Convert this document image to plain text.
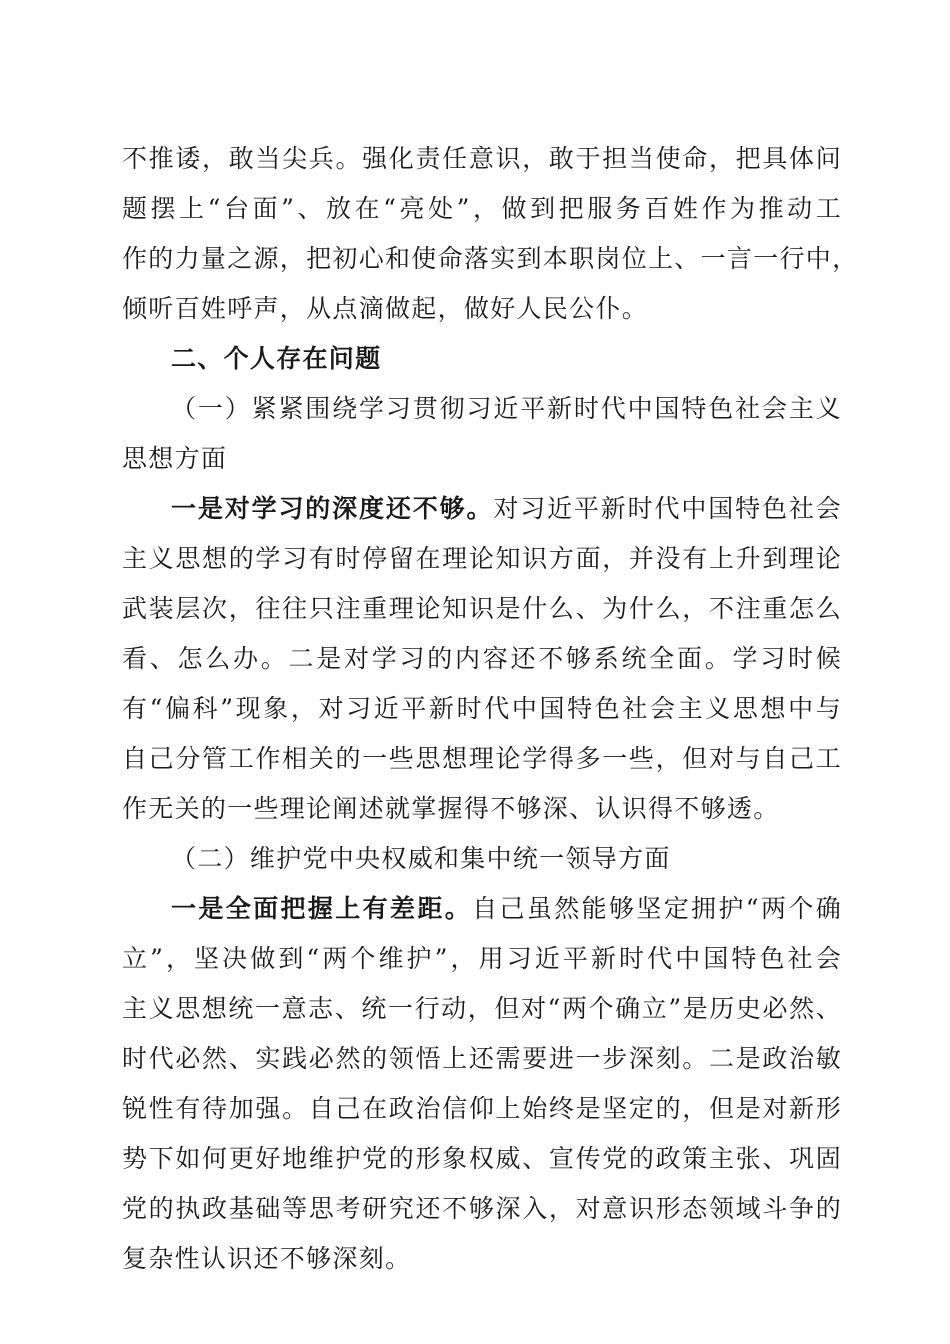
不推诿，敢当尖兵。强化责任意识，敢于担当使命，把具体问
题摆上“台面”、放在“亮处”，做到把服务百姓作为推动工
作的力量之源，把初心和使命落实到本职岗位上、一言一行中，
倾听百姓呼声，从点滴做起，做好人民公仆。
二、个人存在问题
（一）紧紧围绕学习贯彻习近平新时代中国特色社会主义
思想方面
一是对学习的深度还不够。对习近平新时代中国特色社会
主义思想的学习有时停留在理论知识方面，并没有上升到理论
武装层次，往往只注重理论知识是什么、为什么，不注重怎么
看、怎么办。二是对学习的内容还不够系统全面。学习时候
有“偏科”现象，对习近平新时代中国特色社会主义思想中与
自己分管工作相关的一些思想理论学得多一些，但对与自己工
作无关的一些理论阐述就掌握得不够深、认识得不够透。
（二）维护党中央权威和集中统一领导方面
一是全面把握上有差距。自己虽然能够坚定拥护“两个确
立”，坚决做到“两个维护”，用习近平新时代中国特色社会
主义思想统一意志、统一行动，但对“两个确立”是历史必然、
时代必然、实践必然的领悟上还需要进一步深刻。二是政治敏
锐性有待加强。自己在政治信仰上始终是坚定的，但是对新形
势下如何更好地维护党的形象权威、宣传党的政策主张、巩固
党的执政基础等思考研究还不够深入，对意识形态领域斗争的
复杂性认识还不够深刻。
